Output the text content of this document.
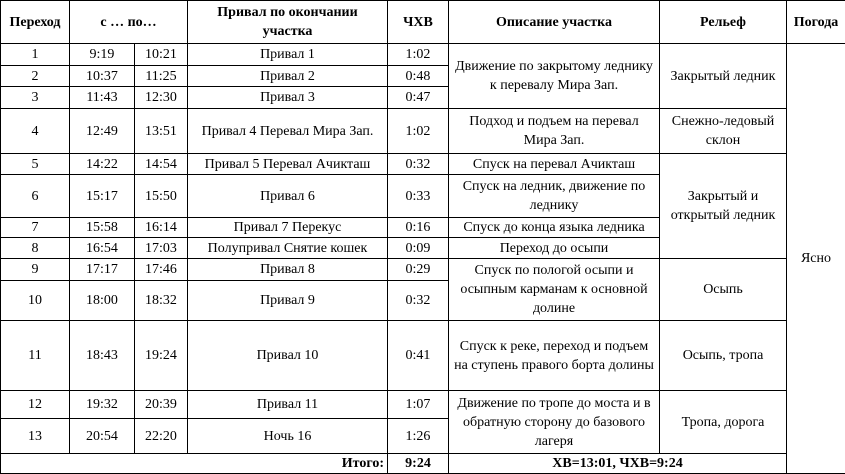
Переход	с … по…		Привал по окончании участка	ЧХВ	Описание участка	Рельеф	Погода
1	9:19	10:21	Привал 1	1:02	Движение по закрытому леднику к перевалу Мира Зап.	Закрытый ледник	Ясно
2	10:37	11:25	Привал 2	0:48			
3	11:43	12:30	Привал 3	0:47			
4	12:49	13:51	Привал 4 Перевал Мира Зап.	1:02	Подход и подъем на перевал Мира Зап.	Снежно-ледовый склон	
5	14:22	14:54	Привал 5 Перевал Ачикташ	0:32	Спуск на перевал Ачикташ	Закрытый и открытый ледник	
6	15:17	15:50	Привал 6	0:33	Спуск на ледник, движение по леднику		
7	15:58	16:14	Привал 7 Перекус	0:16	Спуск до конца языка ледника		
8	16:54	17:03	Полупривал Снятие кошек	0:09	Переход до осыпи		
9	17:17	17:46	Привал 8	0:29	Спуск по пологой осыпи и осыпным карманам к основной долине	Осыпь	
10	18:00	18:32	Привал 9	0:32			
11	18:43	19:24	Привал 10	0:41	Спуск к реке, переход и подъем на ступень правого борта долины	Осыпь, тропа	
12	19:32	20:39	Привал 11	1:07	Движение по тропе до моста и в обратную сторону до базового лагеря	Тропа, дорога	
13	20:54	22:20	Ночь 16	1:26			
Итого:				9:24	ХВ=13:01, ЧХВ=9:24		
